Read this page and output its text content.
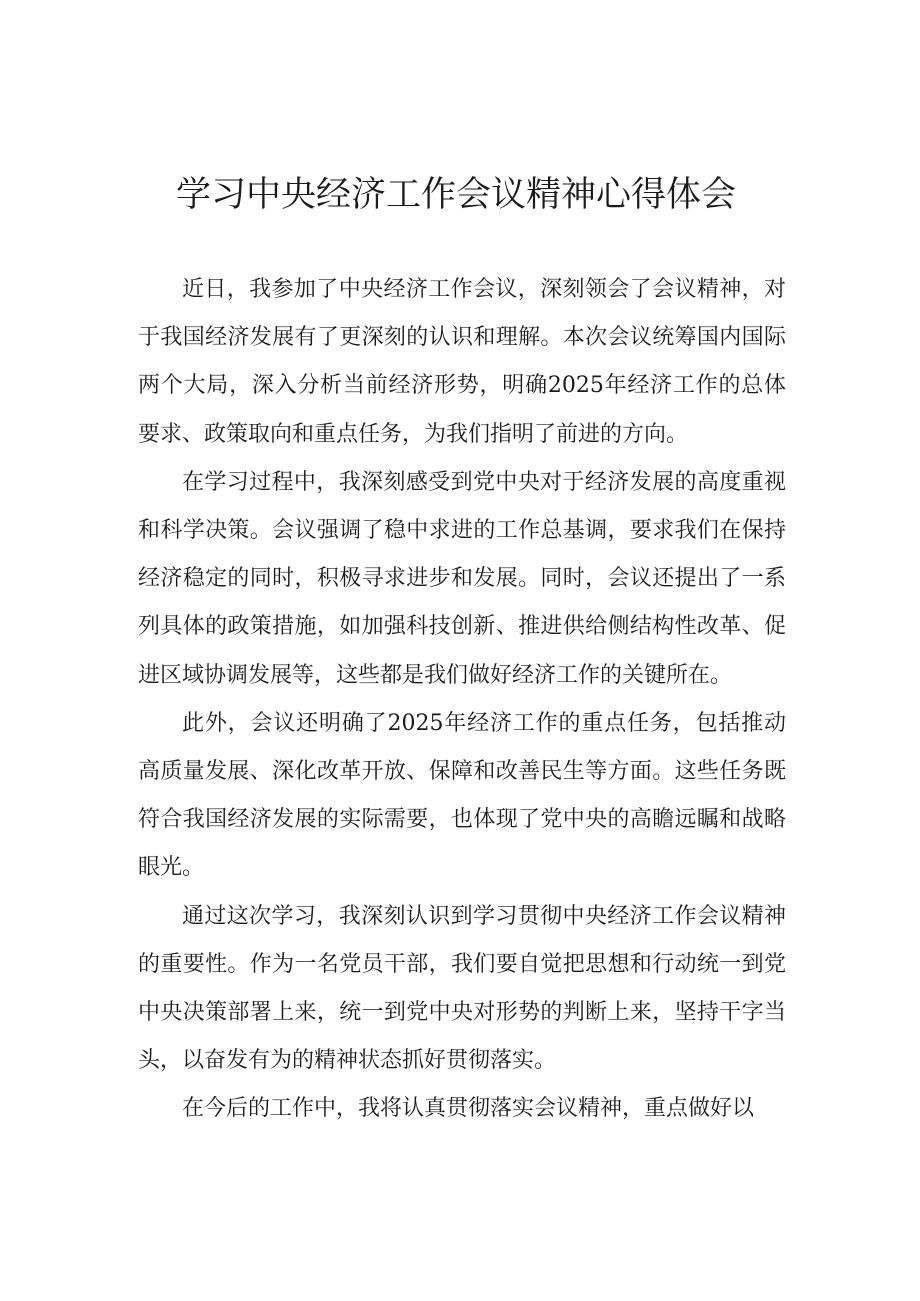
学习中央经济工作会议精神心得体会

近日，我参加了中央经济工作会议，深刻领会了会议精神，对于我国经济发展有了更深刻的认识和理解。本次会议统筹国内国际两个大局，深入分析当前经济形势，明确2025年经济工作的总体要求、政策取向和重点任务，为我们指明了前进的方向。

在学习过程中，我深刻感受到党中央对于经济发展的高度重视和科学决策。会议强调了稳中求进的工作总基调，要求我们在保持经济稳定的同时，积极寻求进步和发展。同时，会议还提出了一系列具体的政策措施，如加强科技创新、推进供给侧结构性改革、促进区域协调发展等，这些都是我们做好经济工作的关键所在。

此外，会议还明确了2025年经济工作的重点任务，包括推动高质量发展、深化改革开放、保障和改善民生等方面。这些任务既符合我国经济发展的实际需要，也体现了党中央的高瞻远瞩和战略眼光。

通过这次学习，我深刻认识到学习贯彻中央经济工作会议精神的重要性。作为一名党员干部，我们要自觉把思想和行动统一到党中央决策部署上来，统一到党中央对形势的判断上来，坚持干字当头，以奋发有为的精神状态抓好贯彻落实。

在今后的工作中，我将认真贯彻落实会议精神，重点做好以
